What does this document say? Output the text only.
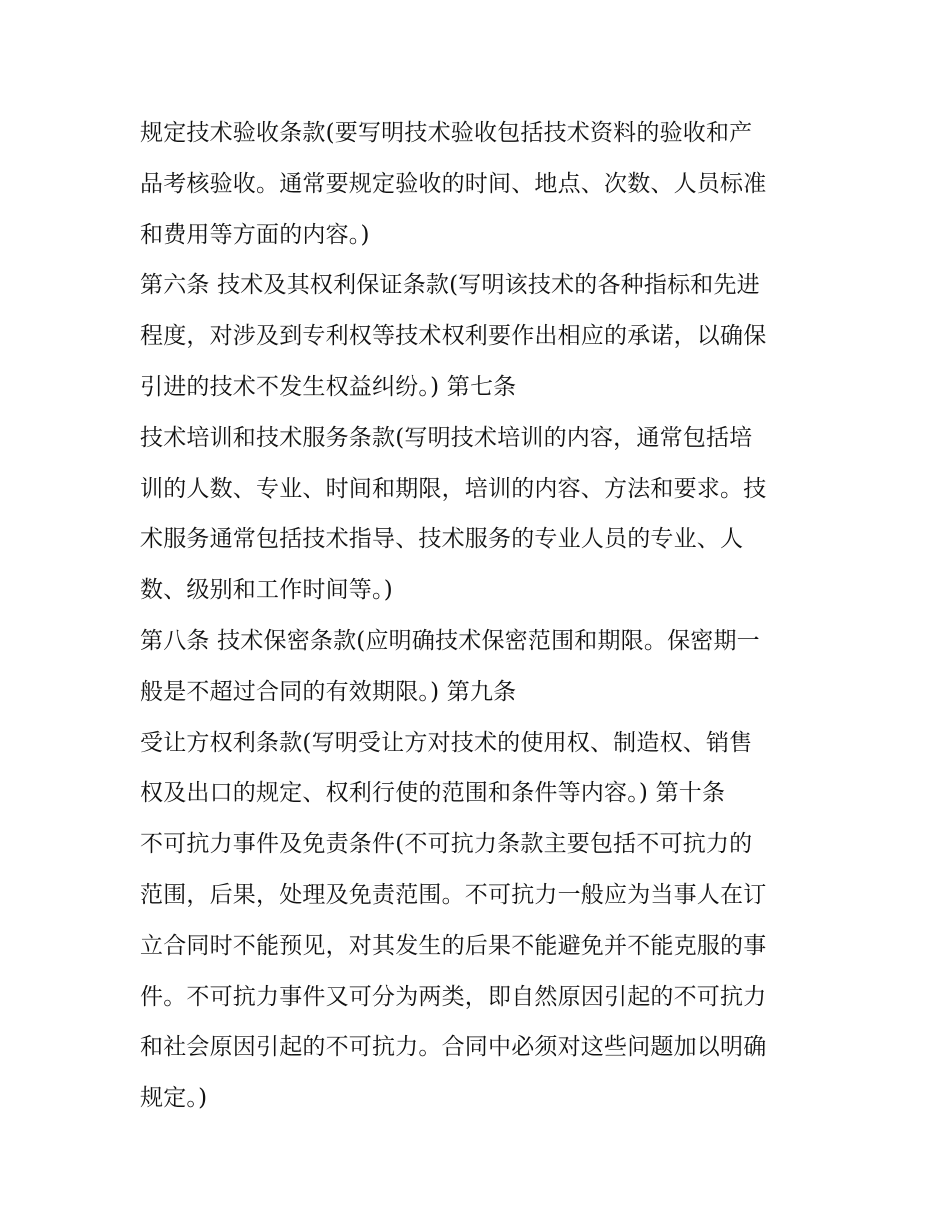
规定技术验收条款(要写明技术验收包括技术资料的验收和产
品考核验收。通常要规定验收的时间、地点、次数、人员标准
和费用等方面的内容。)
第六条 技术及其权利保证条款(写明该技术的各种指标和先进
程度，对涉及到专利权等技术权利要作出相应的承诺，以确保
引进的技术不发生权益纠纷。) 第七条
技术培训和技术服务条款(写明技术培训的内容，通常包括培
训的人数、专业、时间和期限，培训的内容、方法和要求。技
术服务通常包括技术指导、技术服务的专业人员的专业、人
数、级别和工作时间等。)
第八条 技术保密条款(应明确技术保密范围和期限。保密期一
般是不超过合同的有效期限。) 第九条
受让方权利条款(写明受让方对技术的使用权、制造权、销售
权及出口的规定、权利行使的范围和条件等内容。) 第十条
不可抗力事件及免责条件(不可抗力条款主要包括不可抗力的
范围，后果，处理及免责范围。不可抗力一般应为当事人在订
立合同时不能预见，对其发生的后果不能避免并不能克服的事
件。不可抗力事件又可分为两类，即自然原因引起的不可抗力
和社会原因引起的不可抗力。合同中必须对这些问题加以明确
规定。)
